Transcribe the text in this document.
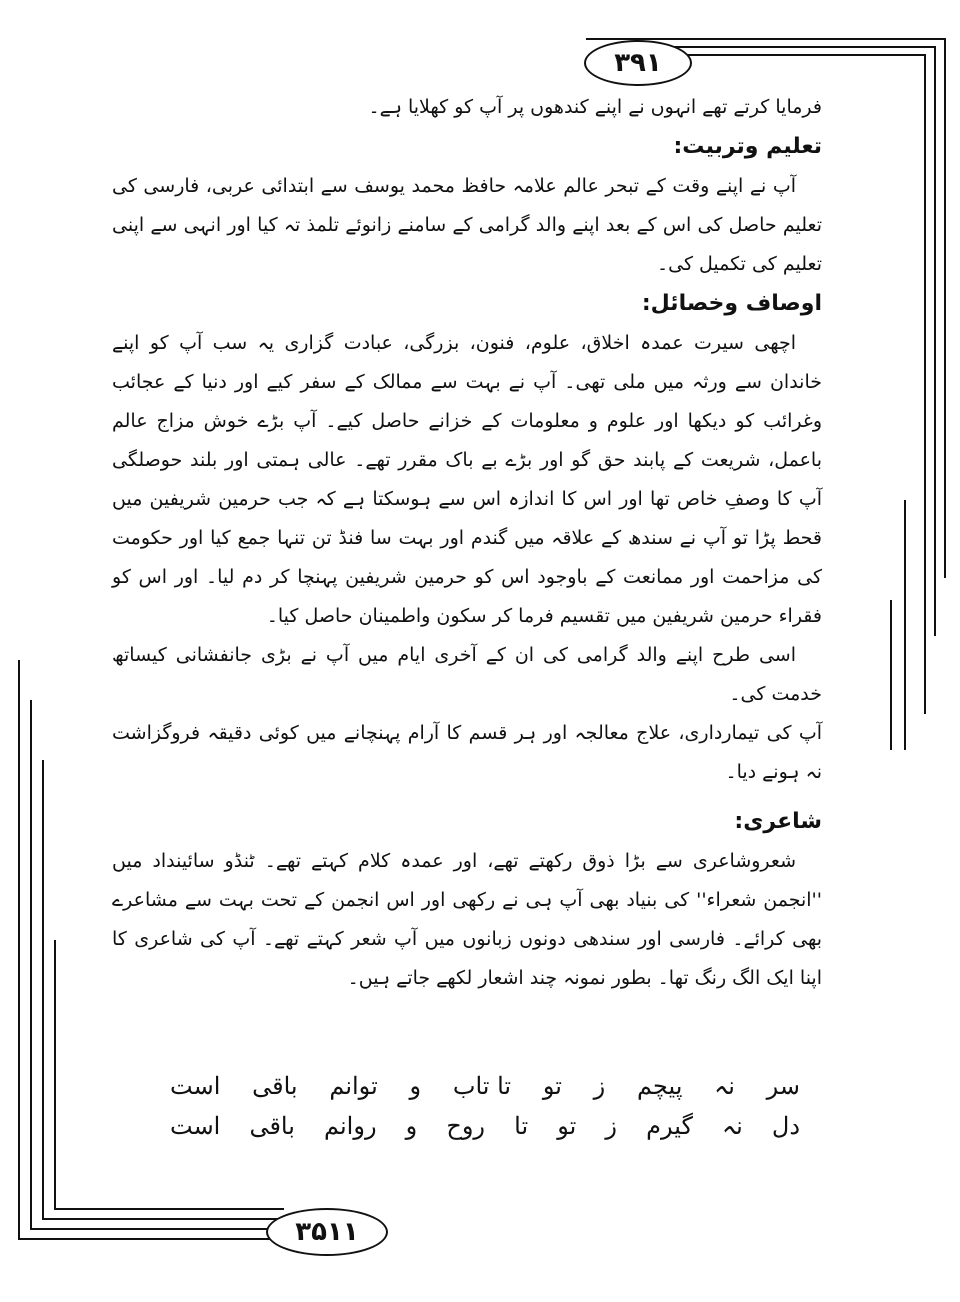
۳۹۱
۳۵۱۱

فرمایا کرتے تھے انہوں نے اپنے کندھوں پر آپ کو کھلایا ہے۔

تعلیم وتربیت:

آپ نے اپنے وقت کے تبحر عالم علامہ حافظ محمد یوسف سے ابتدائی عربی، فارسی کی تعلیم حاصل کی اس کے بعد اپنے والد گرامی کے سامنے زانوئے تلمذ تہ کیا اور انہی سے اپنی تعلیم کی تکمیل کی۔

اوصاف وخصائل:

اچھی سیرت عمدہ اخلاق، علوم، فنون، بزرگی، عبادت گزاری یہ سب آپ کو اپنے خاندان سے ورثہ میں ملی تھی۔ آپ نے بہت سے ممالک کے سفر کیے اور دنیا کے عجائب وغرائب کو دیکھا اور علوم و معلومات کے خزانے حاصل کیے۔ آپ بڑے خوش مزاج عالم باعمل، شریعت کے پابند حق گو اور بڑے بے باک مقرر تھے۔ عالی ہمتی اور بلند حوصلگی آپ کا وصفِ خاص تھا اور اس کا اندازہ اس سے ہوسکتا ہے کہ جب حرمین شریفین میں قحط پڑا تو آپ نے سندھ کے علاقہ میں گندم اور بہت سا فنڈ تن تنہا جمع کیا اور حکومت کی مزاحمت اور ممانعت کے باوجود اس کو حرمین شریفین پہنچا کر دم لیا۔ اور اس کو فقراء حرمین شریفین میں تقسیم فرما کر سکون واطمینان حاصل کیا۔

اسی طرح اپنے والد گرامی کی ان کے آخری ایام میں آپ نے بڑی جانفشانی کیساتھ خدمت کی۔

آپ کی تیمارداری، علاج معالجہ اور ہر قسم کا آرام پہنچانے میں کوئی دقیقہ فروگزاشت نہ ہونے دیا۔

شاعری:

شعروشاعری سے بڑا ذوق رکھتے تھے، اور عمدہ کلام کہتے تھے۔ ٹنڈو سائینداد میں ''انجمن شعراء'' کی بنیاد بھی آپ ہی نے رکھی اور اس انجمن کے تحت بہت سے مشاعرے بھی کرائے۔ فارسی اور سندھی دونوں زبانوں میں آپ شعر کہتے تھے۔ آپ کی شاعری کا اپنا ایک الگ رنگ تھا۔ بطور نمونہ چند اشعار لکھے جاتے ہیں۔

سر
نہ
پیچم
ز
تو
تا تاب
و
توانم
باقی
است
دل
نہ
گیرم
ز
تو
تا
روح
و
روانم
باقی
است
